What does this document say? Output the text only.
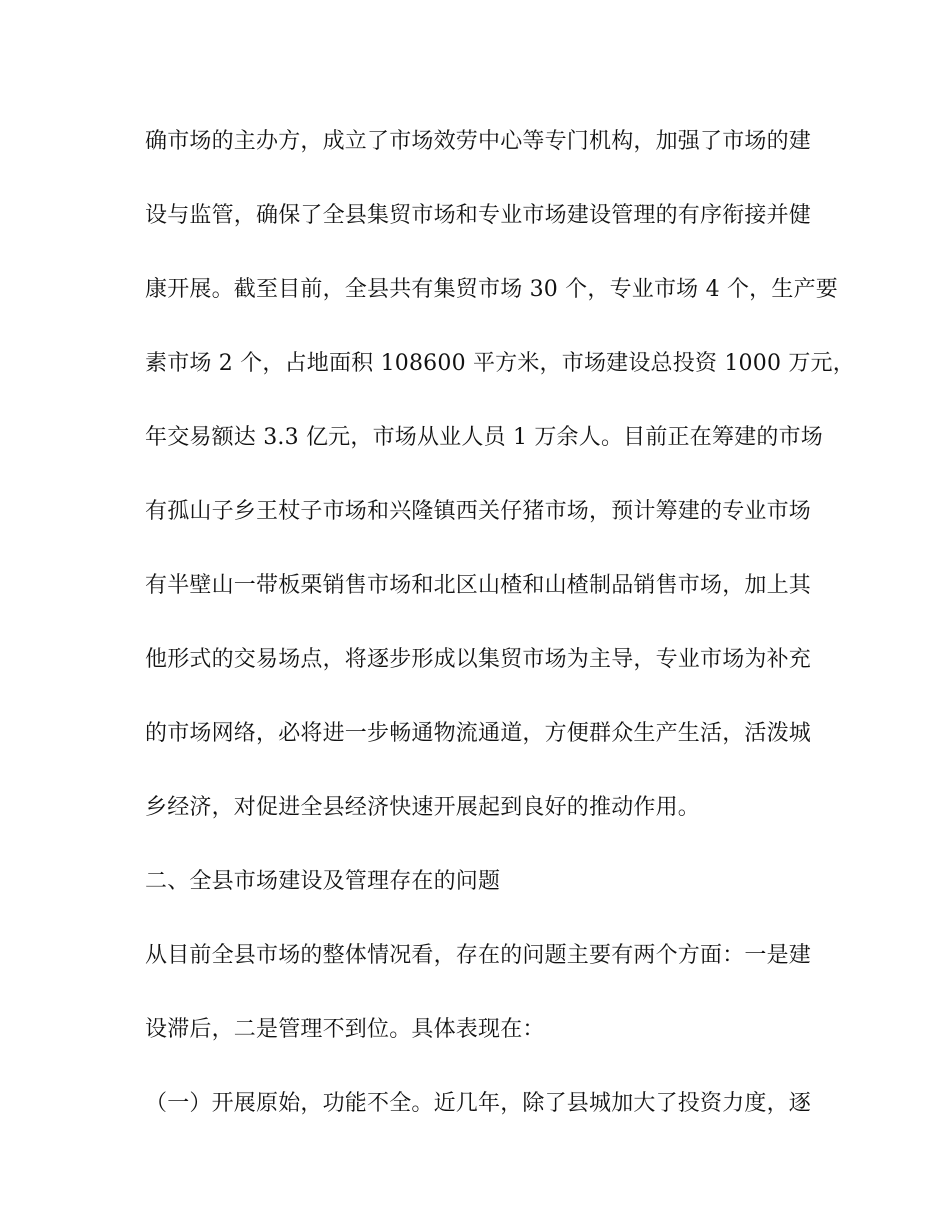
确市场的主办方，成立了市场效劳中心等专门机构，加强了市场的建
设与监管，确保了全县集贸市场和专业市场建设管理的有序衔接并健
康开展。截至目前，全县共有集贸市场 30 个，专业市场 4 个，生产要
素市场 2 个，占地面积 108600 平方米，市场建设总投资 1000 万元，
年交易额达 3.3 亿元，市场从业人员 1 万余人。目前正在筹建的市场
有孤山子乡王杖子市场和兴隆镇西关仔猪市场，预计筹建的专业市场
有半壁山一带板栗销售市场和北区山楂和山楂制品销售市场，加上其
他形式的交易场点，将逐步形成以集贸市场为主导，专业市场为补充
的市场网络，必将进一步畅通物流通道，方便群众生产生活，活泼城
乡经济，对促进全县经济快速开展起到良好的推动作用。
二、全县市场建设及管理存在的问题
从目前全县市场的整体情况看，存在的问题主要有两个方面：一是建
设滞后，二是管理不到位。具体表现在：
（一）开展原始，功能不全。近几年，除了县城加大了投资力度，逐
